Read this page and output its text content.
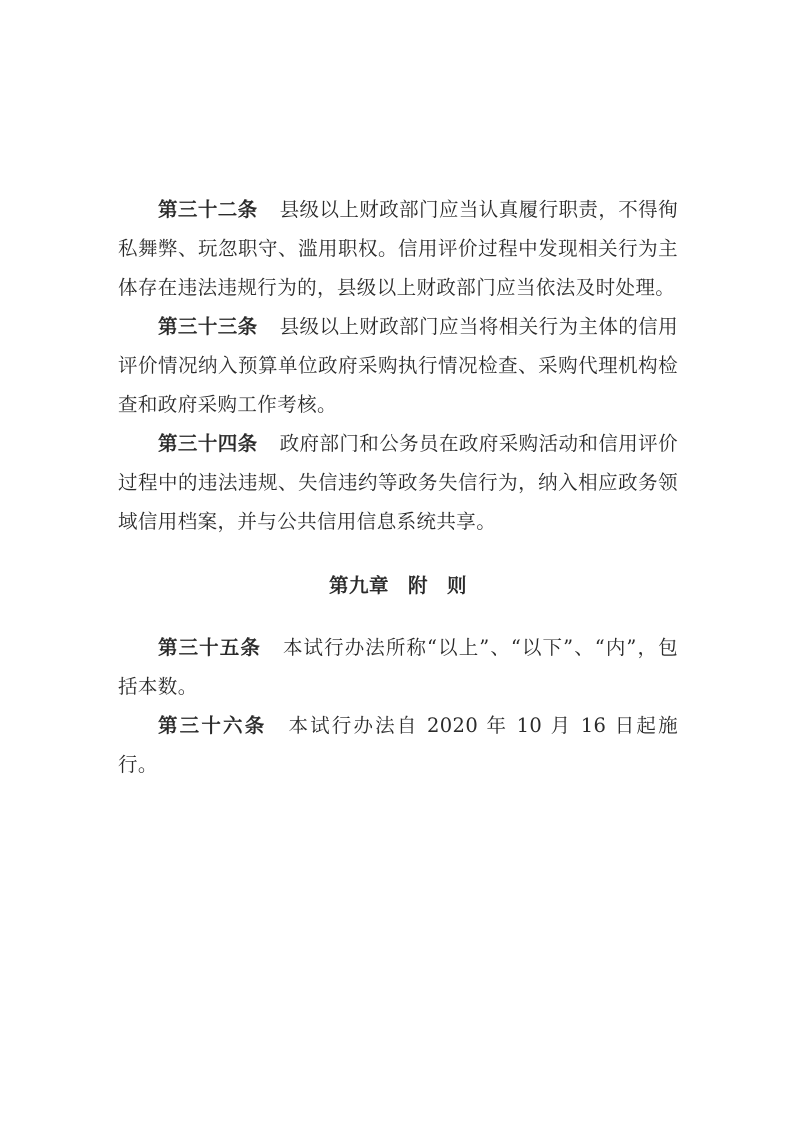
第三十二条 县级以上财政部门应当认真履行职责，不得徇私舞弊、玩忽职守、滥用职权。信用评价过程中发现相关行为主体存在违法违规行为的，县级以上财政部门应当依法及时处理。

第三十三条 县级以上财政部门应当将相关行为主体的信用评价情况纳入预算单位政府采购执行情况检查、采购代理机构检查和政府采购工作考核。

第三十四条 政府部门和公务员在政府采购活动和信用评价过程中的违法违规、失信违约等政务失信行为，纳入相应政务领域信用档案，并与公共信用信息系统共享。

第九章 附 则

第三十五条 本试行办法所称“以上”、“以下”、“内”，包括本数。

第三十六条 本试行办法自 2020 年 10 月 16 日起施行。
